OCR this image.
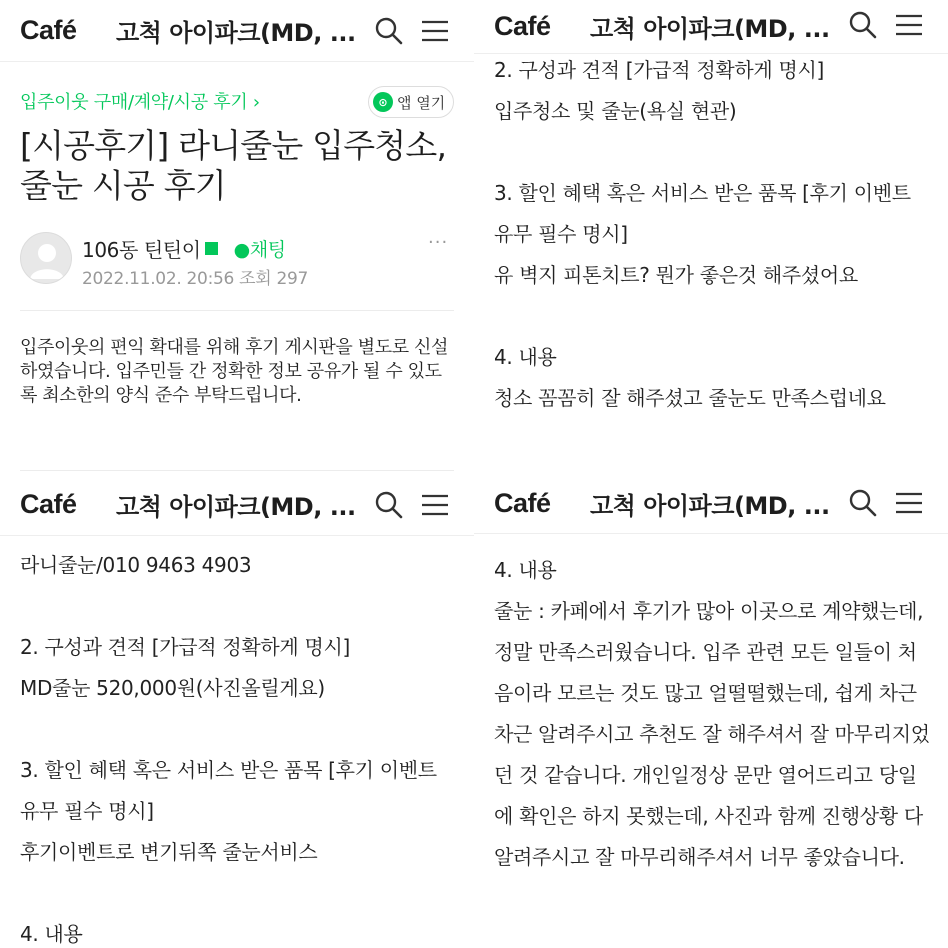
Café	고척 아이파크(MD, ...
입주이웃 구매/계약/시공 후기 ›	⊙ 앱 열기
[시공후기] 라니줄눈 입주청소, 줄눈 시공 후기
106동 틴틴이 ●채팅
2022.11.02. 20:56 조회 297
···
입주이웃의 편익 확대를 위해 후기 게시판을 별도로 신설하였습니다. 입주민들 간 정확한 정보 공유가 될 수 있도록 최소한의 양식 준수 부탁드립니다.
Café	고척 아이파크(MD, ...
2. 구성과 견적 [가급적 정확하게 명시]
입주청소 및 줄눈(욕실 현관)

3. 할인 혜택 혹은 서비스 받은 품목 [후기 이벤트 유무 필수 명시]
유 벽지 피톤치트? 뭔가 좋은것 해주셨어요

4. 내용
청소 꼼꼼히 잘 해주셨고 줄눈도 만족스럽네요
Café	고척 아이파크(MD, ...
라니줄눈/010 9463 4903

2. 구성과 견적 [가급적 정확하게 명시]
MD줄눈 520,000원(사진올릴게요)

3. 할인 혜택 혹은 서비스 받은 품목 [후기 이벤트 유무 필수 명시]
후기이벤트로 변기뒤쪽 줄눈서비스

4. 내용
Café	고척 아이파크(MD, ...
4. 내용
줄눈 : 카페에서 후기가 많아 이곳으로 계약했는데, 정말 만족스러웠습니다. 입주 관련 모든 일들이 처음이라 모르는 것도 많고 얼떨떨했는데, 쉽게 차근차근 알려주시고 추천도 잘 해주셔서 잘 마무리지었던 것 같습니다. 개인일정상 문만 열어드리고 당일에 확인은 하지 못했는데, 사진과 함께 진행상황 다 알려주시고 잘 마무리해주셔서 너무 좋았습니다.
